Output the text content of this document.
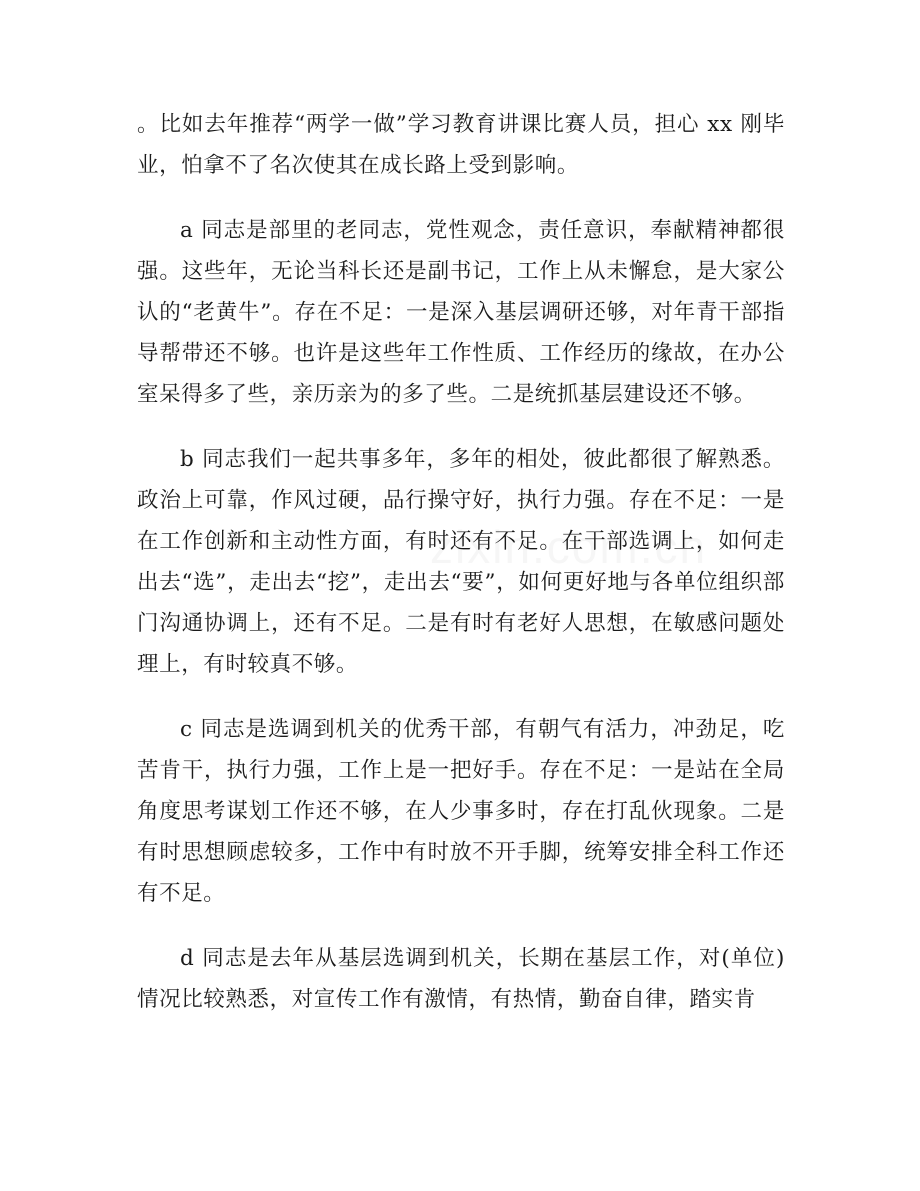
。比如去年推荐“两学一做”学习教育讲课比赛人员，担心 xx 刚毕业，怕拿不了名次使其在成长路上受到影响。

a 同志是部里的老同志，党性观念，责任意识，奉献精神都很强。这些年，无论当科长还是副书记，工作上从未懈怠，是大家公认的“老黄牛”。存在不足：一是深入基层调研还够，对年青干部指导帮带还不够。也许是这些年工作性质、工作经历的缘故，在办公室呆得多了些，亲历亲为的多了些。二是统抓基层建设还不够。

b 同志我们一起共事多年，多年的相处，彼此都很了解熟悉。政治上可靠，作风过硬，品行操守好，执行力强。存在不足：一是在工作创新和主动性方面，有时还有不足。在干部选调上，如何走出去“选”，走出去“挖”，走出去“要”，如何更好地与各单位组织部门沟通协调上，还有不足。二是有时有老好人思想，在敏感问题处理上，有时较真不够。

c 同志是选调到机关的优秀干部，有朝气有活力，冲劲足，吃苦肯干，执行力强，工作上是一把好手。存在不足：一是站在全局角度思考谋划工作还不够，在人少事多时，存在打乱伙现象。二是有时思想顾虑较多，工作中有时放不开手脚，统筹安排全科工作还有不足。

d 同志是去年从基层选调到机关，长期在基层工作，对(单位)情况比较熟悉，对宣传工作有激情，有热情，勤奋自律，踏实肯
